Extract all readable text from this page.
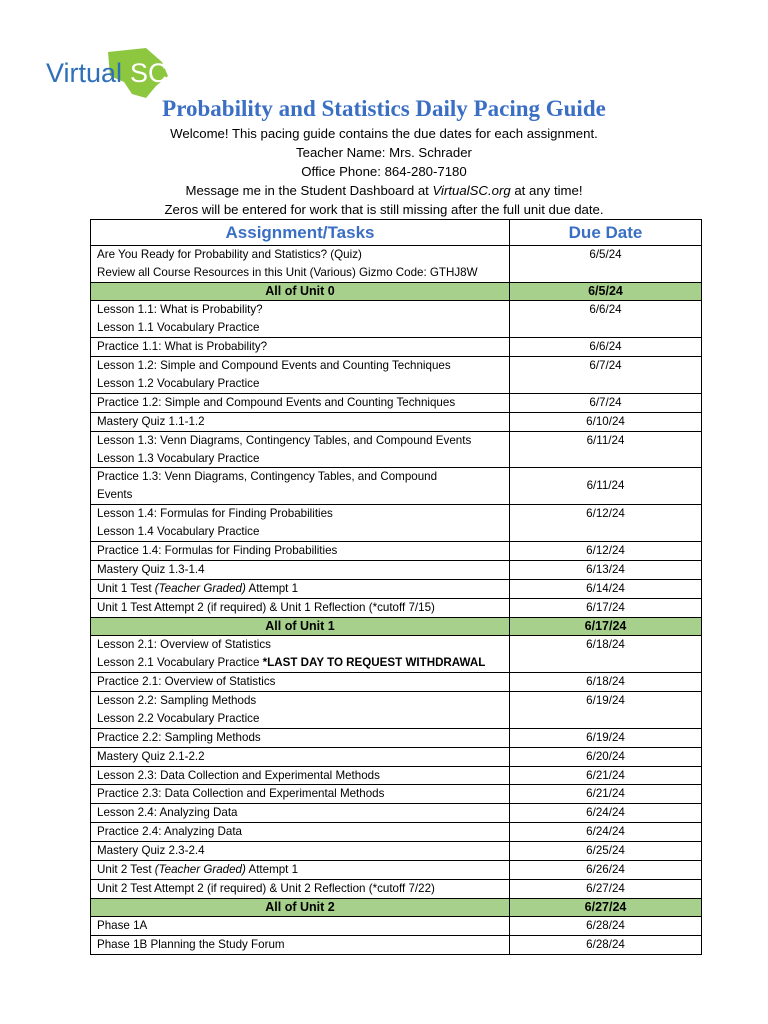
Virtual SC
Probability and Statistics Daily Pacing Guide
Welcome! This pacing guide contains the due dates for each assignment.
Teacher Name: Mrs. Schrader
Office Phone: 864-280-7180
Message me in the Student Dashboard at VirtualSC.org at any time!
Zeros will be entered for work that is still missing after the full unit due date.
Assignment/Tasks	Due Date

Are You Ready for Probability and Statistics? (Quiz)
Review all Course Resources in this Unit (Various) Gizmo Code: GTHJ8W	6/5/24
All of Unit 0	6/5/24

Lesson 1.1: What is Probability?
Lesson 1.1 Vocabulary Practice	6/6/24

Practice 1.1: What is Probability?	6/6/24

Lesson 1.2: Simple and Compound Events and Counting Techniques
Lesson 1.2 Vocabulary Practice	6/7/24

Practice 1.2: Simple and Compound Events and Counting Techniques	6/7/24

Mastery Quiz 1.1-1.2	6/10/24

Lesson 1.3: Venn Diagrams, Contingency Tables, and Compound Events
Lesson 1.3 Vocabulary Practice	6/11/24

Practice 1.3: Venn Diagrams, Contingency Tables, and Compound
Events	6/11/24

Lesson 1.4: Formulas for Finding Probabilities
Lesson 1.4 Vocabulary Practice	6/12/24

Practice 1.4: Formulas for Finding Probabilities	6/12/24

Mastery Quiz 1.3-1.4	6/13/24
Unit 1 Test (Teacher Graded) Attempt 1	6/14/24

Unit 1 Test Attempt 2 (if required) & Unit 1 Reflection (*cutoff 7/15)	6/17/24
All of Unit 1	6/17/24

Lesson 2.1: Overview of Statistics
Lesson 2.1 Vocabulary Practice *LAST DAY TO REQUEST WITHDRAWAL	6/18/24

Practice 2.1: Overview of Statistics	6/18/24

Lesson 2.2: Sampling Methods
Lesson 2.2 Vocabulary Practice	6/19/24

Practice 2.2: Sampling Methods	6/19/24

Mastery Quiz 2.1-2.2	6/20/24

Lesson 2.3: Data Collection and Experimental Methods	6/21/24

Practice 2.3: Data Collection and Experimental Methods	6/21/24

Lesson 2.4: Analyzing Data	6/24/24

Practice 2.4: Analyzing Data	6/24/24

Mastery Quiz 2.3-2.4	6/25/24
Unit 2 Test (Teacher Graded) Attempt 1	6/26/24

Unit 2 Test Attempt 2 (if required) & Unit 2 Reflection (*cutoff 7/22)	6/27/24
All of Unit 2	6/27/24

Phase 1A	6/28/24

Phase 1B Planning the Study Forum	6/28/24
